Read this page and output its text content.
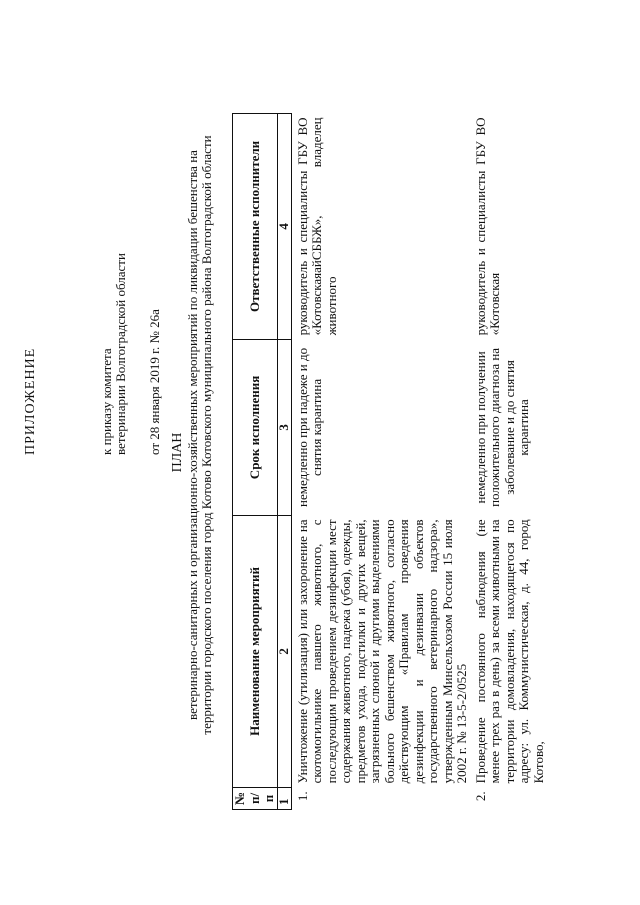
ПРИЛОЖЕНИЕ	к приказу комитета ветеринарии Волгоградской области от 28 января 2019 г. № 26а ПЛАН ветеринарно-санитарных и организационно-хозяйственных мероприятий по ликвидации бешенства на территории городского поселения город Котово Котовского муниципального района Волгоградской области
№ п/п	Наименование мероприятий	Срок исполнения	Ответственные исполнители
1	2	3	4
1.	Уничтожение (утилизация) или захоронение на скотомогильнике павшего животного, с последующим проведением дезинфекции мест содержания животного, падежа (убоя), одежды, предметов ухода, подстилки и других вещей, загрязненных слюной и другими выделениями больного бешенством животного, согласно действующим «Правилам проведения дезинфекции и дезинвазии объектов государственного ветеринарного надзора», утвержденным Минсельхозом России 15 июля 2002 г. № 13-5-2/0525	немедленно при падеже и до снятия карантина	руководитель и специалисты ГБУ ВО «КотовскаяайСББЖ», владелец животного
2.	Проведение постоянного наблюдения (не менее трех раз в день) за всеми животными на территории домовладения, находящегося по адресу: ул. Коммунистическая, д. 44, город Котово,	немедленно при получении положительного диагноза на заболевание и до снятия карантина	руководитель и специалисты ГБУ ВО «Котовская
